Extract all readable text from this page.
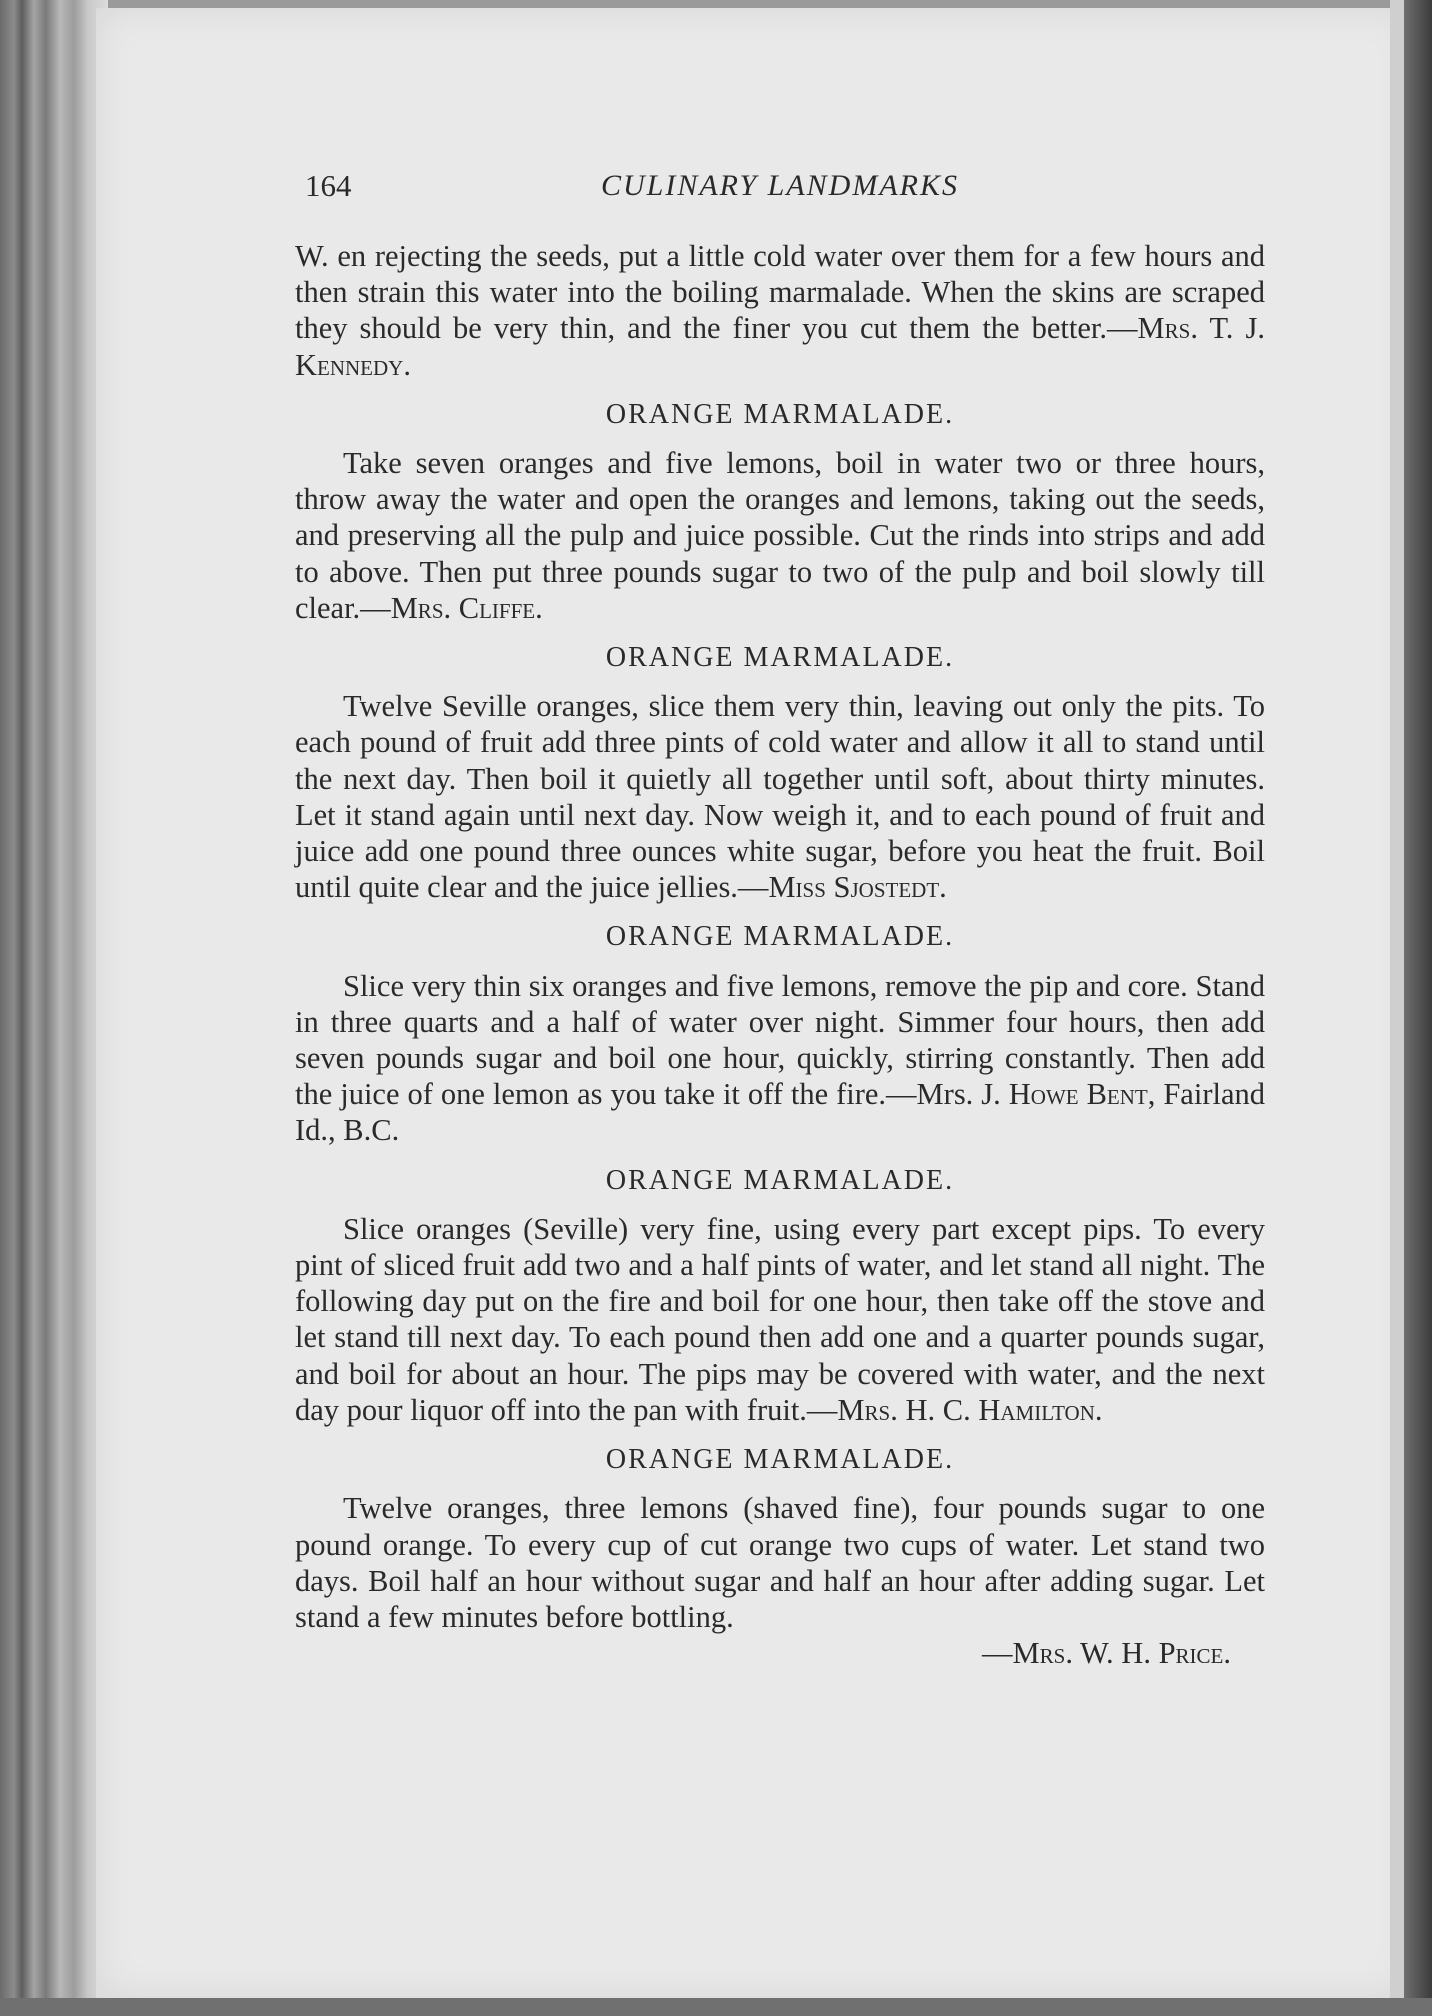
164	CULINARY LANDMARKS

W. en rejecting the seeds, put a little cold water over them for a few hours and then strain this water into the boiling marmalade. When the skins are scraped they should be very thin, and the finer you cut them the better.—Mrs. T. J. Kennedy.

ORANGE MARMALADE.

Take seven oranges and five lemons, boil in water two or three hours, throw away the water and open the oranges and lemons, taking out the seeds, and preserving all the pulp and juice possible. Cut the rinds into strips and add to above. Then put three pounds sugar to two of the pulp and boil slowly till clear.—Mrs. Cliffe.

ORANGE MARMALADE.

Twelve Seville oranges, slice them very thin, leaving out only the pits. To each pound of fruit add three pints of cold water and allow it all to stand until the next day. Then boil it quietly all together until soft, about thirty minutes. Let it stand again until next day. Now weigh it, and to each pound of fruit and juice add one pound three ounces white sugar, before you heat the fruit. Boil until quite clear and the juice jellies.—Miss Sjostedt.

ORANGE MARMALADE.

Slice very thin six oranges and five lemons, remove the pip and core. Stand in three quarts and a half of water over night. Simmer four hours, then add seven pounds sugar and boil one hour, quickly, stirring constantly. Then add the juice of one lemon as you take it off the fire.—Mrs. J. Howe Bent, Fairland Id., B.C.

ORANGE MARMALADE.

Slice oranges (Seville) very fine, using every part except pips. To every pint of sliced fruit add two and a half pints of water, and let stand all night. The following day put on the fire and boil for one hour, then take off the stove and let stand till next day. To each pound then add one and a quarter pounds sugar, and boil for about an hour. The pips may be covered with water, and the next day pour liquor off into the pan with fruit.—Mrs. H. C. Hamilton.

ORANGE MARMALADE.

Twelve oranges, three lemons (shaved fine), four pounds sugar to one pound orange. To every cup of cut orange two cups of water. Let stand two days. Boil half an hour without sugar and half an hour after adding sugar. Let stand a few minutes before bottling.

—Mrs. W. H. Price.
